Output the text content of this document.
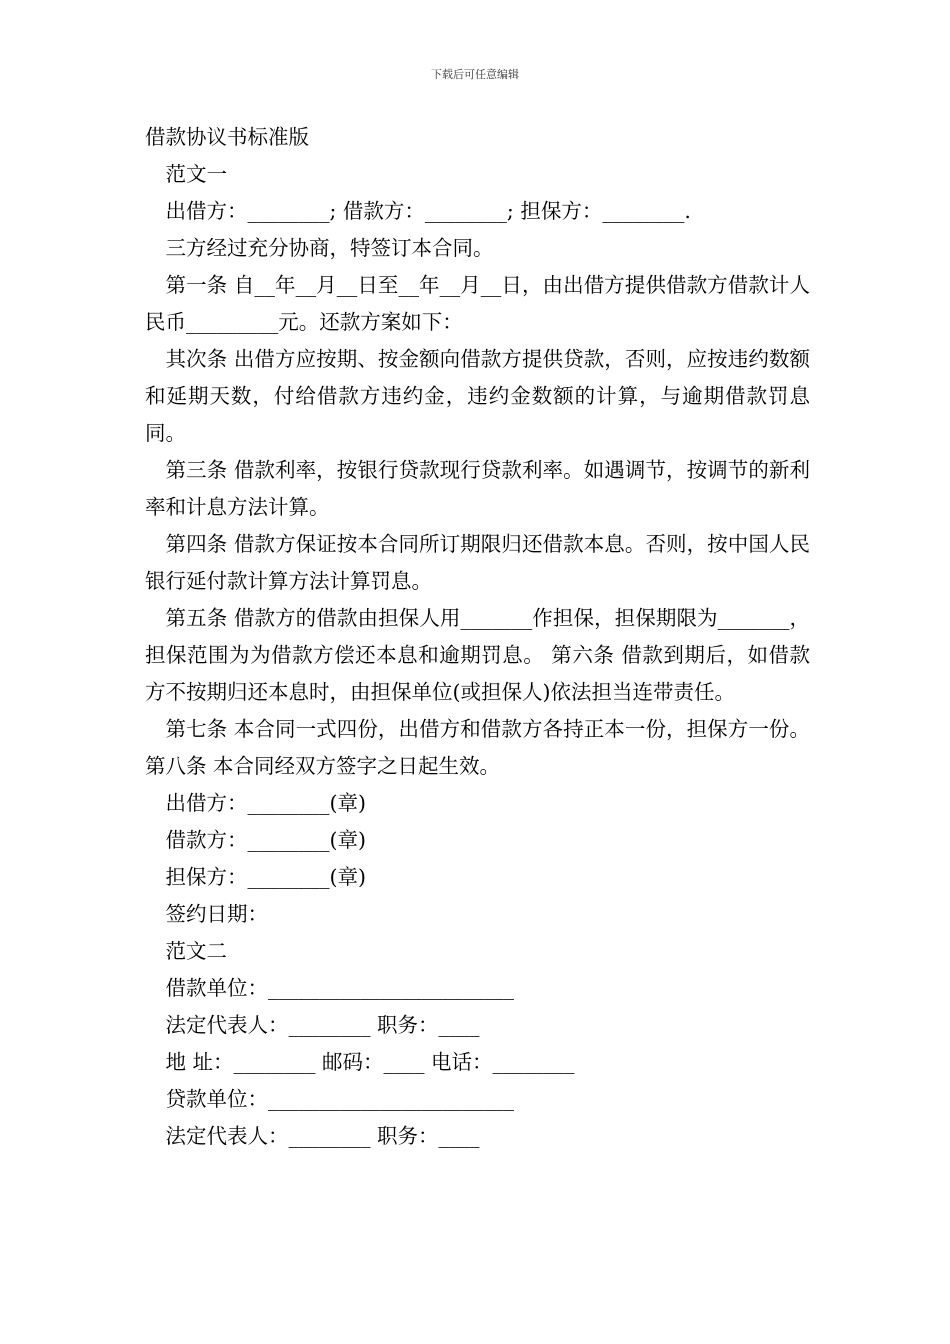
下载后可任意编辑

借款协议书标准版

范文一

出借方：________; 借款方：________; 担保方：________.

三方经过充分协商，特签订本合同。

第一条 自__年__月__日至__年__月__日，由出借方提供借款方借款计人民币_________元。还款方案如下：

其次条 出借方应按期、按金额向借款方提供贷款，否则，应按违约数额和延期天数，付给借款方违约金，违约金数额的计算，与逾期借款罚息同。

第三条 借款利率，按银行贷款现行贷款利率。如遇调节，按调节的新利率和计息方法计算。

第四条 借款方保证按本合同所订期限归还借款本息。否则，按中国人民银行延付款计算方法计算罚息。

第五条 借款方的借款由担保人用_______作担保，担保期限为_______，担保范围为为借款方偿还本息和逾期罚息。 第六条 借款到期后，如借款方不按期归还本息时，由担保单位(或担保人)依法担当连带责任。

第七条 本合同一式四份，出借方和借款方各持正本一份，担保方一份。 第八条 本合同经双方签字之日起生效。

出借方：________(章)

借款方：________(章)

担保方：________(章)

签约日期：

范文二

借款单位：________________________

法定代表人：________ 职务：____

地 址：________ 邮码：____ 电话：________

贷款单位：________________________

法定代表人：________ 职务：____
